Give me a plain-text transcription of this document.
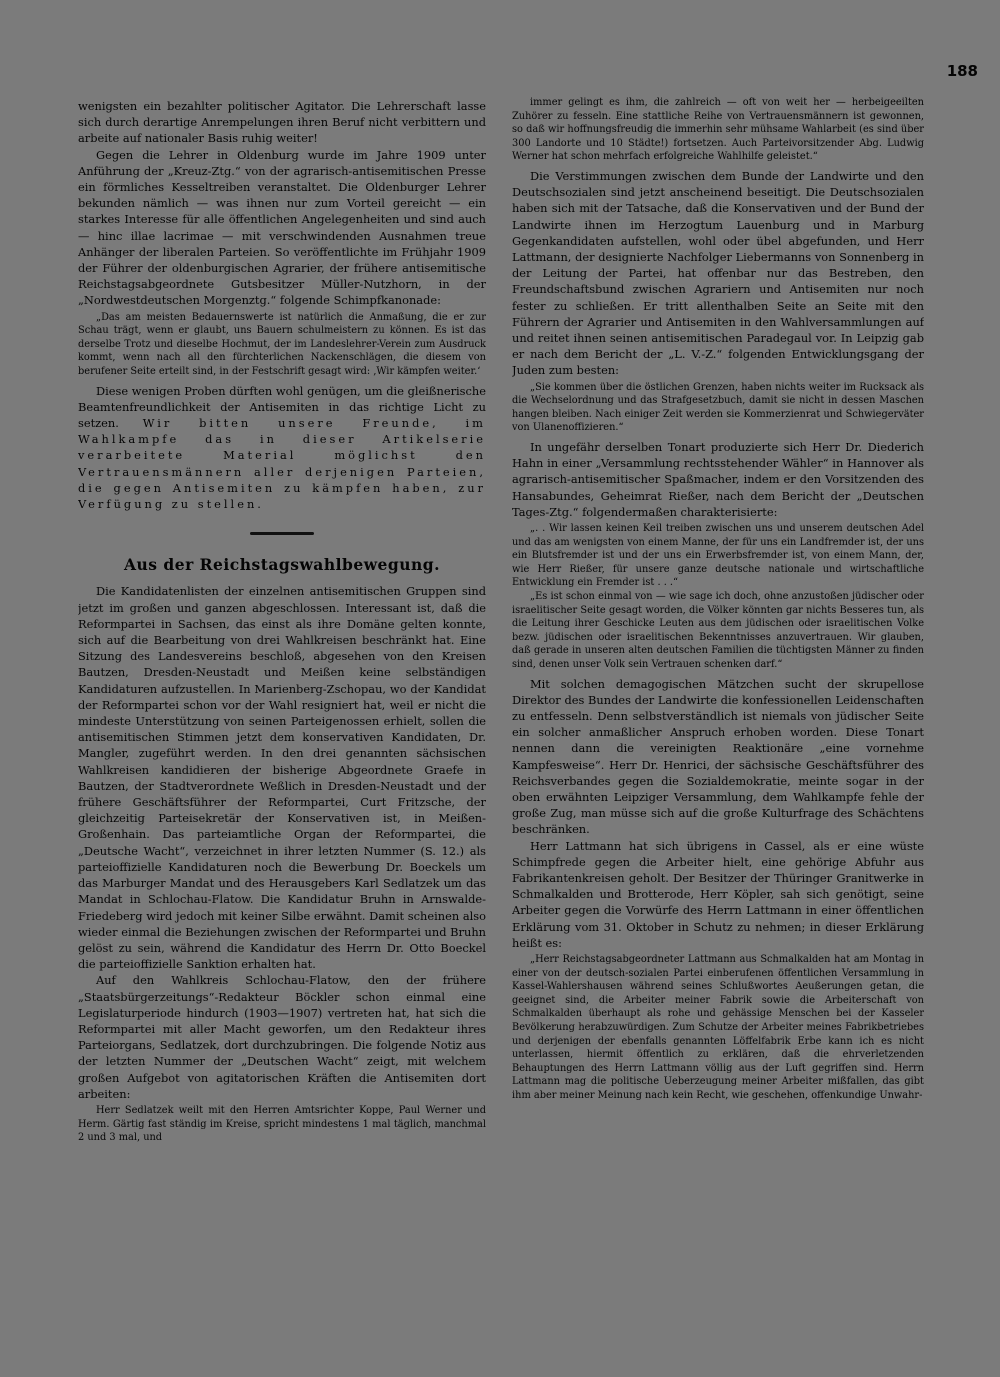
188

wenigsten ein bezahlter politischer Agitator. Die Lehrerschaft lasse sich durch derartige Anrempelungen ihren Beruf nicht verbittern und arbeite auf nationaler Basis ruhig weiter!

Gegen die Lehrer in Oldenburg wurde im Jahre 1909 unter Anführung der „Kreuz-Ztg.“ von der agrarisch-antisemitischen Presse ein förmliches Kesseltreiben veranstaltet. Die Oldenburger Lehrer bekunden nämlich — was ihnen nur zum Vorteil gereicht — ein starkes Interesse für alle öffentlichen Angelegenheiten und sind auch — hinc illae lacrimae — mit verschwindenden Ausnahmen treue Anhänger der liberalen Parteien. So veröffentlichte im Frühjahr 1909 der Führer der oldenburgischen Agrarier, der frühere antisemitische Reichstagsabgeordnete Gutsbesitzer Müller-Nutzhorn, in der „Nordwestdeutschen Morgenztg.“ folgende Schimpfkanonade:

„Das am meisten Bedauernswerte ist natürlich die Anmaßung, die er zur Schau trägt, wenn er glaubt, uns Bauern schulmeistern zu können. Es ist das derselbe Trotz und dieselbe Hochmut, der im Landeslehrer-Verein zum Ausdruck kommt, wenn nach all den fürchterlichen Nackenschlägen, die diesem von berufener Seite erteilt sind, in der Festschrift gesagt wird: ‚Wir kämpfen weiter.‘

Diese wenigen Proben dürften wohl genügen, um die gleißnerische Beamtenfreundlichkeit der Antisemiten in das richtige Licht zu setzen. Wir bitten unsere Freunde, im Wahlkampfe das in dieser Artikelserie verarbeitete Material möglichst den Vertrauensmännern aller derjenigen Parteien, die gegen Antisemiten zu kämpfen haben, zur Verfügung zu stellen.

Aus der Reichstagswahlbewegung.

Die Kandidatenlisten der einzelnen antisemitischen Gruppen sind jetzt im großen und ganzen abgeschlossen. Interessant ist, daß die Reformpartei in Sachsen, das einst als ihre Domäne gelten konnte, sich auf die Bearbeitung von drei Wahlkreisen beschränkt hat. Eine Sitzung des Landesvereins beschloß, abgesehen von den Kreisen Bautzen, Dresden-Neustadt und Meißen keine selbständigen Kandidaturen aufzustellen. In Marienberg-Zschopau, wo der Kandidat der Reformpartei schon vor der Wahl resigniert hat, weil er nicht die mindeste Unterstützung von seinen Parteigenossen erhielt, sollen die antisemitischen Stimmen jetzt dem konservativen Kandidaten, Dr. Mangler, zugeführt werden. In den drei genannten sächsischen Wahlkreisen kandidieren der bisherige Abgeordnete Graefe in Bautzen, der Stadtverordnete Weßlich in Dresden-Neustadt und der frühere Geschäftsführer der Reformpartei, Curt Fritzsche, der gleichzeitig Parteisekretär der Konservativen ist, in Meißen-Großenhain. Das parteiamtliche Organ der Reformpartei, die „Deutsche Wacht“, verzeichnet in ihrer letzten Nummer (S. 12.) als parteioffizielle Kandidaturen noch die Bewerbung Dr. Boeckels um das Marburger Mandat und des Herausgebers Karl Sedlatzek um das Mandat in Schlochau-Flatow. Die Kandidatur Bruhn in Arnswalde-Friedeberg wird jedoch mit keiner Silbe erwähnt. Damit scheinen also wieder einmal die Beziehungen zwischen der Reformpartei und Bruhn gelöst zu sein, während die Kandidatur des Herrn Dr. Otto Boeckel die parteioffizielle Sanktion erhalten hat.

Auf den Wahlkreis Schlochau-Flatow, den der frühere „Staatsbürgerzeitungs“-Redakteur Böckler schon einmal eine Legislaturperiode hindurch (1903—1907) vertreten hat, hat sich die Reformpartei mit aller Macht geworfen, um den Redakteur ihres Parteiorgans, Sedlatzek, dort durchzubringen. Die folgende Notiz aus der letzten Nummer der „Deutschen Wacht“ zeigt, mit welchem großen Aufgebot von agitatorischen Kräften die Antisemiten dort arbeiten:

Herr Sedlatzek weilt mit den Herren Amtsrichter Koppe, Paul Werner und Herm. Gärtig fast ständig im Kreise, spricht mindestens 1 mal täglich, manchmal 2 und 3 mal, und

immer gelingt es ihm, die zahlreich — oft von weit her — herbeigeeilten Zuhörer zu fesseln. Eine stattliche Reihe von Vertrauensmännern ist gewonnen, so daß wir hoffnungsfreudig die immerhin sehr mühsame Wahlarbeit (es sind über 300 Landorte und 10 Städte!) fortsetzen. Auch Parteivorsitzender Abg. Ludwig Werner hat schon mehrfach erfolgreiche Wahlhilfe geleistet.“

Die Verstimmungen zwischen dem Bunde der Landwirte und den Deutschsozialen sind jetzt anscheinend beseitigt. Die Deutschsozialen haben sich mit der Tatsache, daß die Konservativen und der Bund der Landwirte ihnen im Herzogtum Lauenburg und in Marburg Gegenkandidaten aufstellen, wohl oder übel abgefunden, und Herr Lattmann, der designierte Nachfolger Liebermanns von Sonnenberg in der Leitung der Partei, hat offenbar nur das Bestreben, den Freundschaftsbund zwischen Agrariern und Antisemiten nur noch fester zu schließen. Er tritt allenthalben Seite an Seite mit den Führern der Agrarier und Antisemiten in den Wahlversammlungen auf und reitet ihnen seinen antisemitischen Paradegaul vor. In Leipzig gab er nach dem Bericht der „L. V.-Z.“ folgenden Entwicklungsgang der Juden zum besten:

„Sie kommen über die östlichen Grenzen, haben nichts weiter im Rucksack als die Wechselordnung und das Strafgesetzbuch, damit sie nicht in dessen Maschen hangen bleiben. Nach einiger Zeit werden sie Kommerzienrat und Schwiegerväter von Ulanenoffizieren.“

In ungefähr derselben Tonart produzierte sich Herr Dr. Diederich Hahn in einer „Versammlung rechtsstehender Wähler“ in Hannover als agrarisch-antisemitischer Spaßmacher, indem er den Vorsitzenden des Hansabundes, Geheimrat Rießer, nach dem Bericht der „Deutschen Tages-Ztg.“ folgendermaßen charakterisierte:

„. . Wir lassen keinen Keil treiben zwischen uns und unserem deutschen Adel und das am wenigsten von einem Manne, der für uns ein Landfremder ist, der uns ein Blutsfremder ist und der uns ein Erwerbsfremder ist, von einem Mann, der, wie Herr Rießer, für unsere ganze deutsche nationale und wirtschaftliche Entwicklung ein Fremder ist . . .“

„Es ist schon einmal von — wie sage ich doch, ohne anzustoßen jüdischer oder israelitischer Seite gesagt worden, die Völker könnten gar nichts Besseres tun, als die Leitung ihrer Geschicke Leuten aus dem jüdischen oder israelitischen Volke bezw. jüdischen oder israelitischen Bekenntnisses anzuvertrauen. Wir glauben, daß gerade in unseren alten deutschen Familien die tüchtigsten Männer zu finden sind, denen unser Volk sein Vertrauen schenken darf.“

Mit solchen demagogischen Mätzchen sucht der skrupellose Direktor des Bundes der Landwirte die konfessionellen Leidenschaften zu entfesseln. Denn selbstverständlich ist niemals von jüdischer Seite ein solcher anmaßlicher Anspruch erhoben worden. Diese Tonart nennen dann die vereinigten Reaktionäre „eine vornehme Kampfesweise“. Herr Dr. Henrici, der sächsische Geschäftsführer des Reichsverbandes gegen die Sozialdemokratie, meinte sogar in der oben erwähnten Leipziger Versammlung, dem Wahlkampfe fehle der große Zug, man müsse sich auf die große Kulturfrage des Schächtens beschränken.

Herr Lattmann hat sich übrigens in Cassel, als er eine wüste Schimpfrede gegen die Arbeiter hielt, eine gehörige Abfuhr aus Fabrikantenkreisen geholt. Der Besitzer der Thüringer Granitwerke in Schmalkalden und Brotterode, Herr Köpler, sah sich genötigt, seine Arbeiter gegen die Vorwürfe des Herrn Lattmann in einer öffentlichen Erklärung vom 31. Oktober in Schutz zu nehmen; in dieser Erklärung heißt es:

„Herr Reichstagsabgeordneter Lattmann aus Schmalkalden hat am Montag in einer von der deutsch-sozialen Partei einberufenen öffentlichen Versammlung in Kassel-Wahlershausen während seines Schlußwortes Aeußerungen getan, die geeignet sind, die Arbeiter meiner Fabrik sowie die Arbeiterschaft von Schmalkalden überhaupt als rohe und gehässige Menschen bei der Kasseler Bevölkerung herabzuwürdigen. Zum Schutze der Arbeiter meines Fabrikbetriebes und derjenigen der ebenfalls genannten Löffelfabrik Erbe kann ich es nicht unterlassen, hiermit öffentlich zu erklären, daß die ehrverletzenden Behauptungen des Herrn Lattmann völlig aus der Luft gegriffen sind. Herrn Lattmann mag die politische Ueberzeugung meiner Arbeiter mißfallen, das gibt ihm aber meiner Meinung nach kein Recht, wie geschehen, offenkundige Unwahr-
